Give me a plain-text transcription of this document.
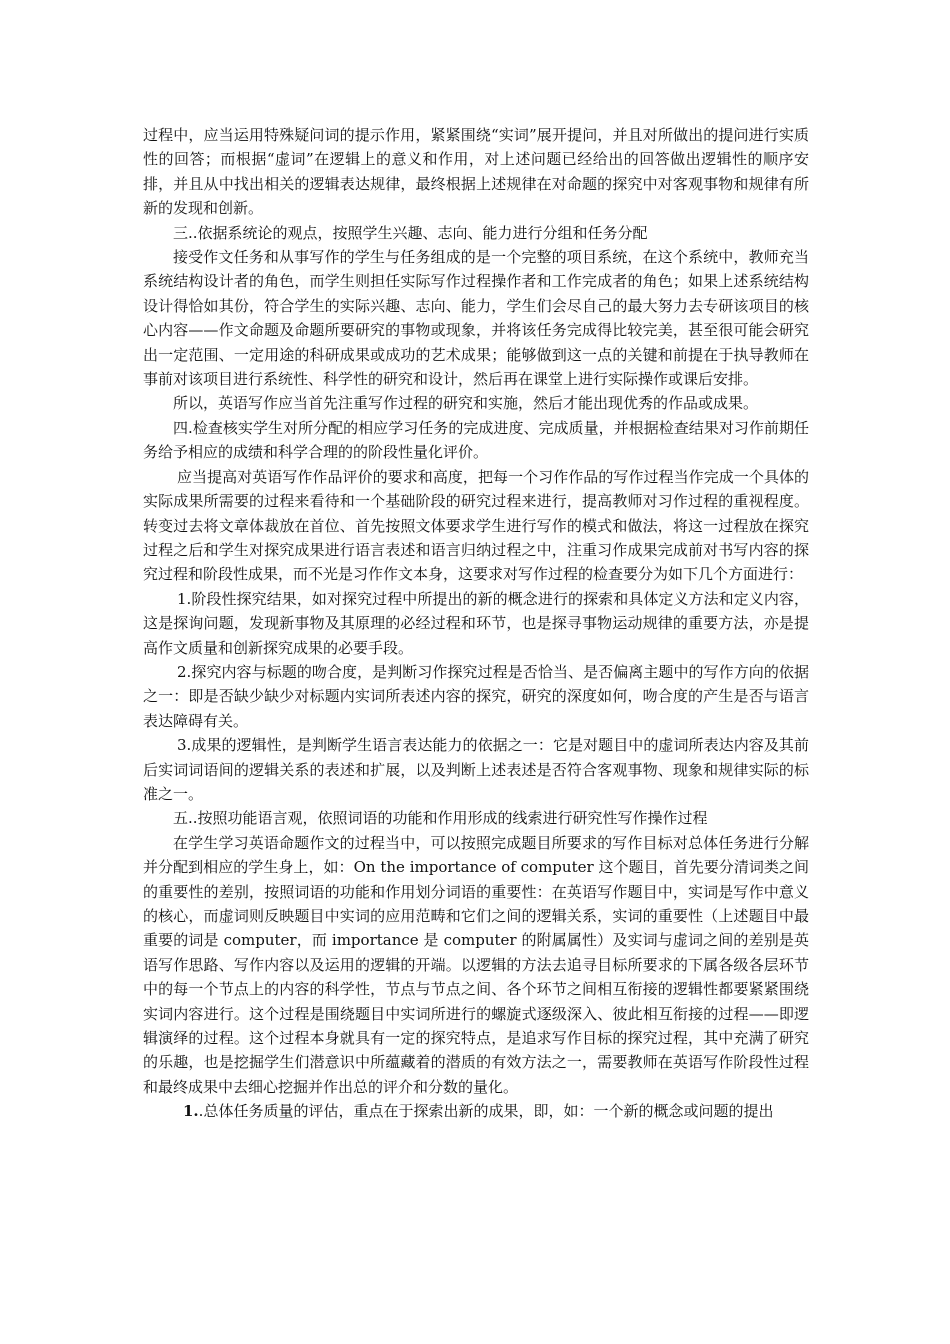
过程中，应当运用特殊疑问词的提示作用，紧紧围绕“实词”展开提问，并且对所做出的提问进行实质性的回答；而根据“虚词”在逻辑上的意义和作用，对上述问题已经给出的回答做出逻辑性的顺序安排，并且从中找出相关的逻辑表达规律，最终根据上述规律在对命题的探究中对客观事物和规律有所新的发现和创新。

三..依据系统论的观点，按照学生兴趣、志向、能力进行分组和任务分配

接受作文任务和从事写作的学生与任务组成的是一个完整的项目系统，在这个系统中，教师充当系统结构设计者的角色，而学生则担任实际写作过程操作者和工作完成者的角色；如果上述系统结构设计得恰如其份，符合学生的实际兴趣、志向、能力，学生们会尽自己的最大努力去专研该项目的核心内容——作文命题及命题所要研究的事物或现象，并将该任务完成得比较完美，甚至很可能会研究出一定范围、一定用途的科研成果或成功的艺术成果；能够做到这一点的关键和前提在于执导教师在事前对该项目进行系统性、科学性的研究和设计，然后再在课堂上进行实际操作或课后安排。

所以，英语写作应当首先注重写作过程的研究和实施，然后才能出现优秀的作品或成果。

四.检查核实学生对所分配的相应学习任务的完成进度、完成质量，并根据检查结果对习作前期任务给予相应的成绩和科学合理的的阶段性量化评价。

应当提高对英语写作作品评价的要求和高度，把每一个习作作品的写作过程当作完成一个具体的实际成果所需要的过程来看待和一个基础阶段的研究过程来进行，提高教师对习作过程的重视程度。转变过去将文章体裁放在首位、首先按照文体要求学生进行写作的模式和做法，将这一过程放在探究过程之后和学生对探究成果进行语言表述和语言归纳过程之中，注重习作成果完成前对书写内容的探究过程和阶段性成果，而不光是习作作文本身，这要求对写作过程的检查要分为如下几个方面进行：

1.阶段性探究结果，如对探究过程中所提出的新的概念进行的探索和具体定义方法和定义内容，这是探询问题，发现新事物及其原理的必经过程和环节，也是探寻事物运动规律的重要方法，亦是提高作文质量和创新探究成果的必要手段。

2.探究内容与标题的吻合度，是判断习作探究过程是否恰当、是否偏离主题中的写作方向的依据之一：即是否缺少缺少对标题内实词所表述内容的探究，研究的深度如何，吻合度的产生是否与语言表达障碍有关。

3.成果的逻辑性，是判断学生语言表达能力的依据之一：它是对题目中的虚词所表达内容及其前后实词词语间的逻辑关系的表述和扩展，以及判断上述表述是否符合客观事物、现象和规律实际的标准之一。

五..按照功能语言观，依照词语的功能和作用形成的线索进行研究性写作操作过程

在学生学习英语命题作文的过程当中，可以按照完成题目所要求的写作目标对总体任务进行分解并分配到相应的学生身上，如：On the importance of computer 这个题目，首先要分清词类之间的重要性的差别，按照词语的功能和作用划分词语的重要性：在英语写作题目中，实词是写作中意义的核心，而虚词则反映题目中实词的应用范畴和它们之间的逻辑关系，实词的重要性（上述题目中最重要的词是 computer，而 importance 是 computer 的附属属性）及实词与虚词之间的差别是英语写作思路、写作内容以及运用的逻辑的开端。以逻辑的方法去追寻目标所要求的下属各级各层环节中的每一个节点上的内容的科学性，节点与节点之间、各个环节之间相互衔接的逻辑性都要紧紧围绕实词内容进行。这个过程是围绕题目中实词所进行的螺旋式逐级深入、彼此相互衔接的过程——即逻辑演绎的过程。这个过程本身就具有一定的探究特点，是追求写作目标的探究过程，其中充满了研究的乐趣，也是挖掘学生们潜意识中所蕴藏着的潜质的有效方法之一，需要教师在英语写作阶段性过程和最终成果中去细心挖掘并作出总的评介和分数的量化。

1..总体任务质量的评估，重点在于探索出新的成果，即，如：一个新的概念或问题的提出
